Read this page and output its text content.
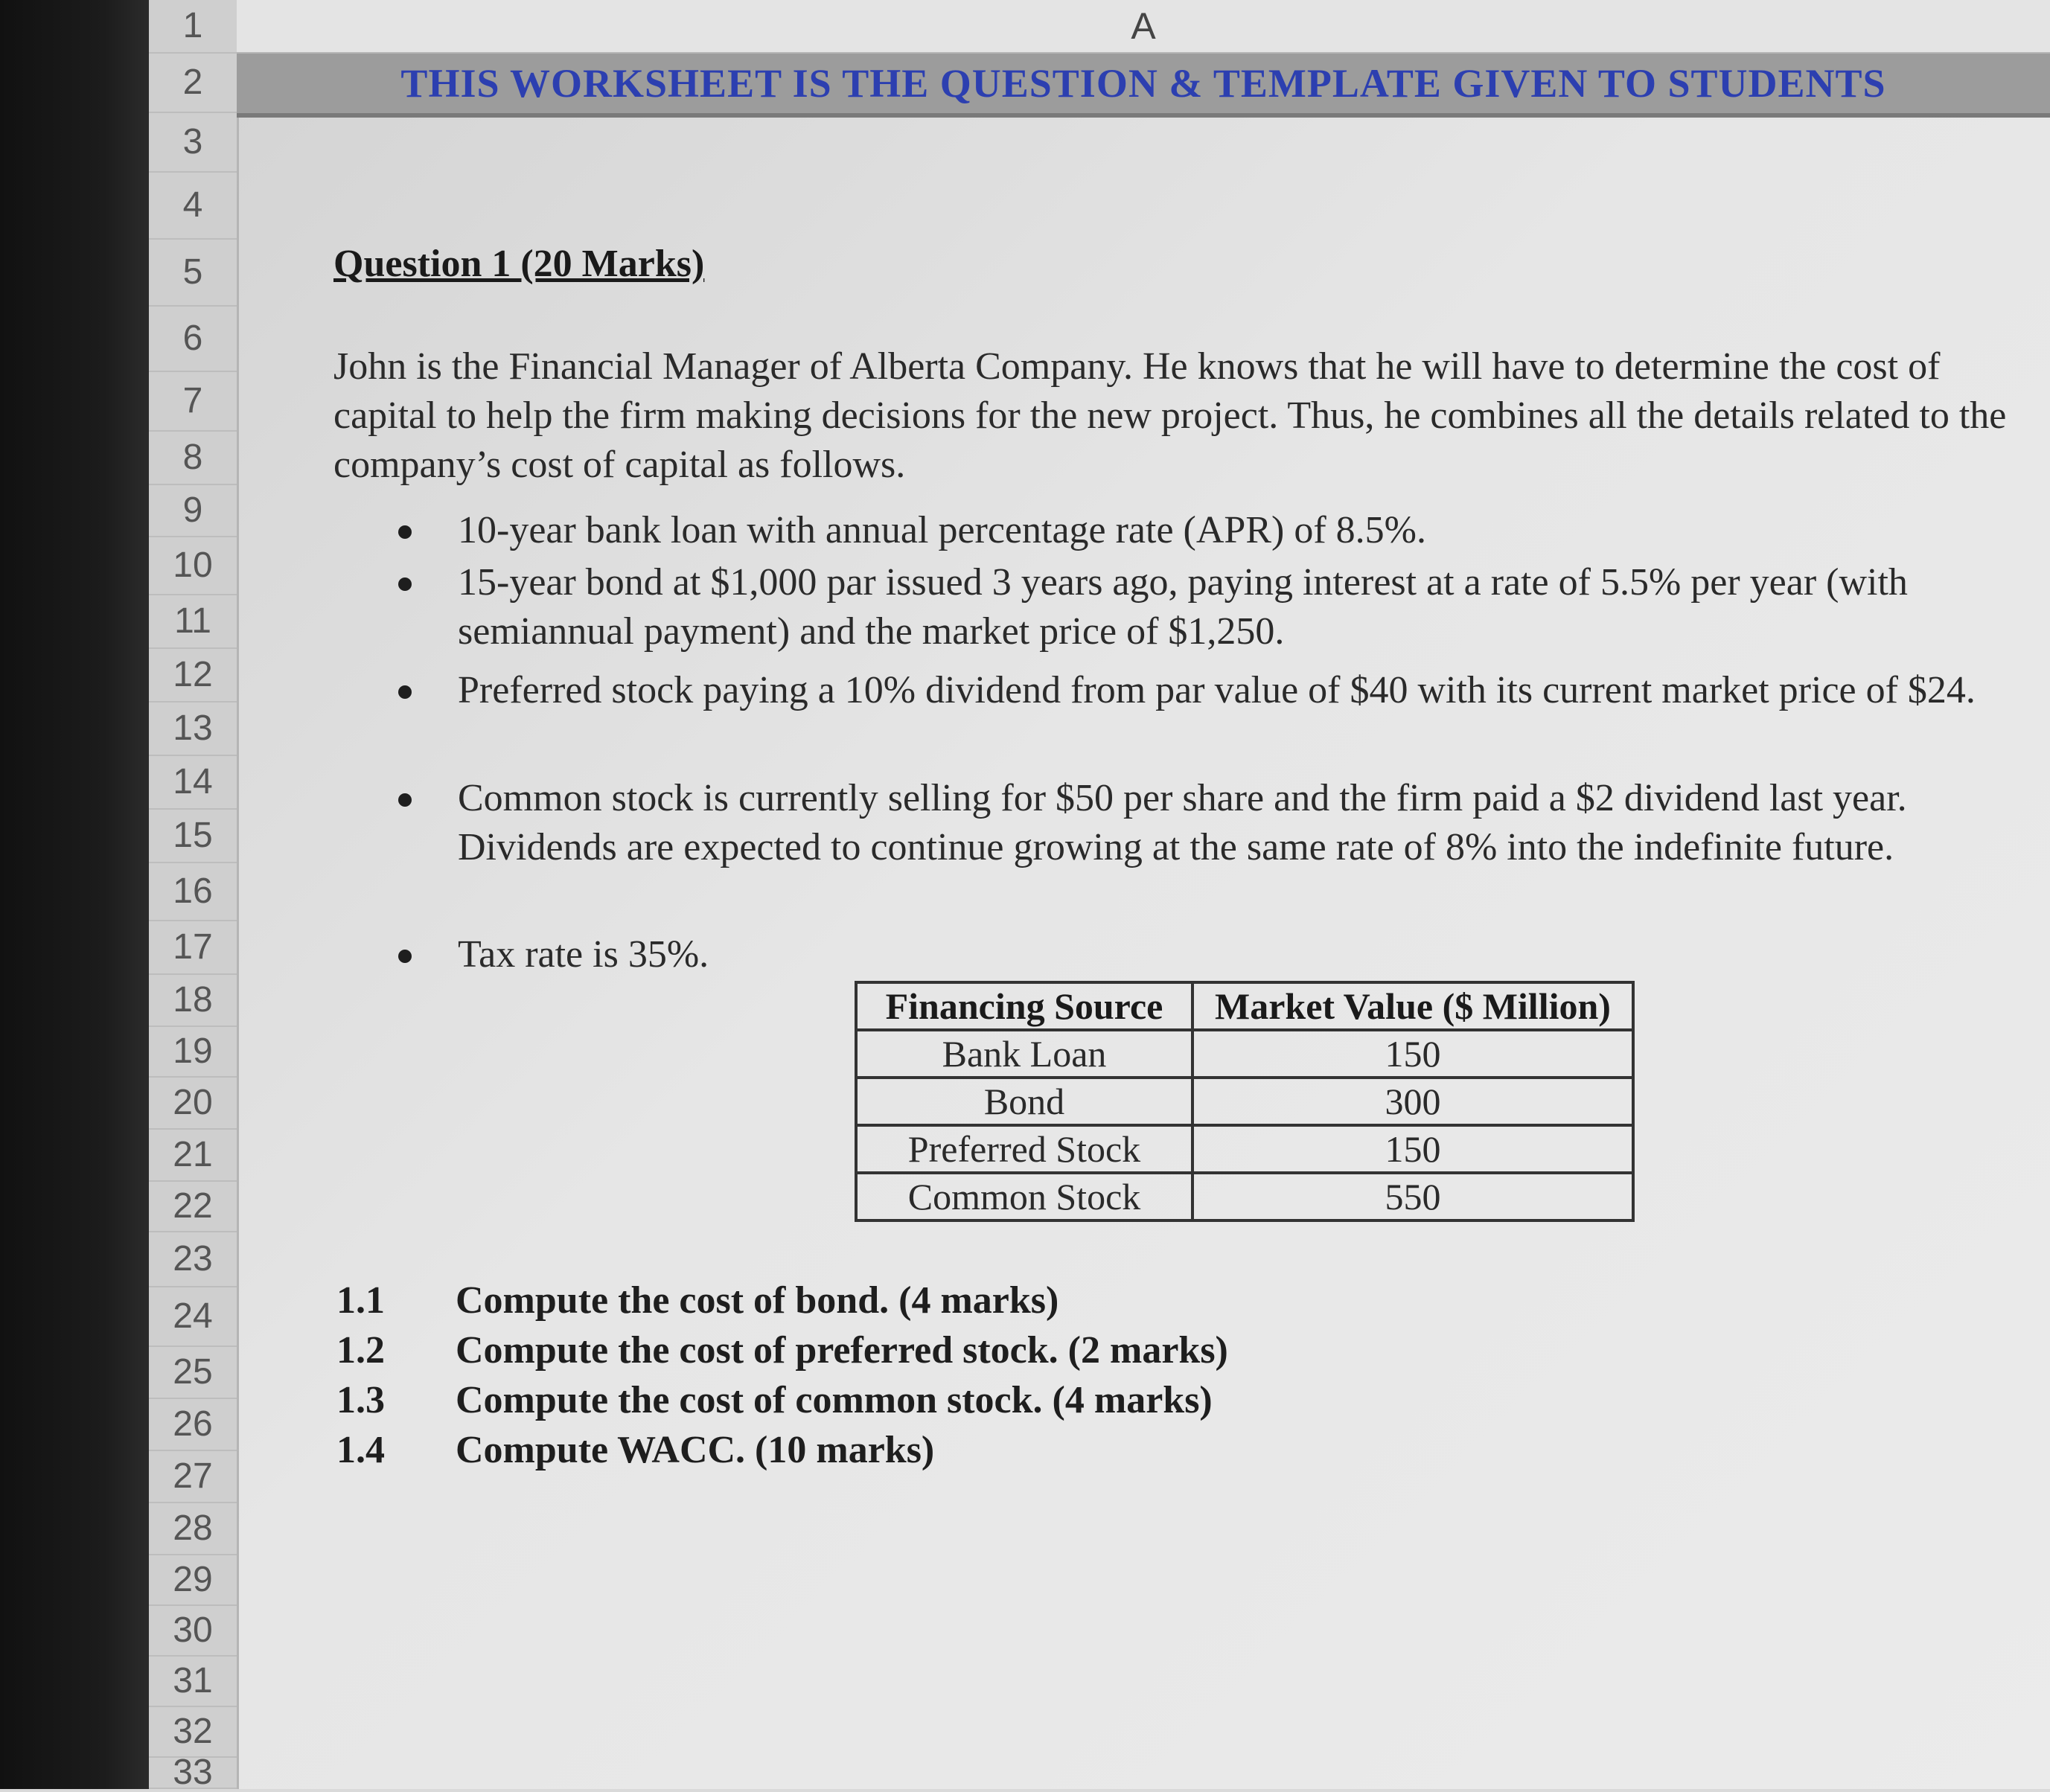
1
2
3
4
5
6
7
8
9
10
11
12
13
14
15
16
17
18
19
20
21
22
23
24
25
26
27
28
29
30
31
32
33
A
THIS WORKSHEET IS THE QUESTION & TEMPLATE GIVEN TO STUDENTS
Question 1 (20 Marks)
John is the Financial Manager of Alberta Company. He knows that he will have to determine the cost of capital to help the firm making decisions for the new project. Thus, he combines all the details related to the company’s cost of capital as follows.
10-year bank loan with annual percentage rate (APR) of 8.5%.
15-year bond at $1,000 par issued 3 years ago, paying interest at a rate of 5.5% per year (with semiannual payment) and the market price of $1,250.
Preferred stock paying a 10% dividend from par value of $40 with its current market price of $24.
Common stock is currently selling for $50 per share and the firm paid a $2 dividend last year. Dividends are expected to continue growing at the same rate of 8% into the indefinite future.
Tax rate is 35%.
Financing Source	Market Value ($ Million)
Bank Loan	150
Bond	300
Preferred Stock	150
Common Stock	550
1.1 Compute the cost of bond. (4 marks)
1.2 Compute the cost of preferred stock. (2 marks)
1.3 Compute the cost of common stock. (4 marks)
1.4 Compute WACC. (10 marks)
